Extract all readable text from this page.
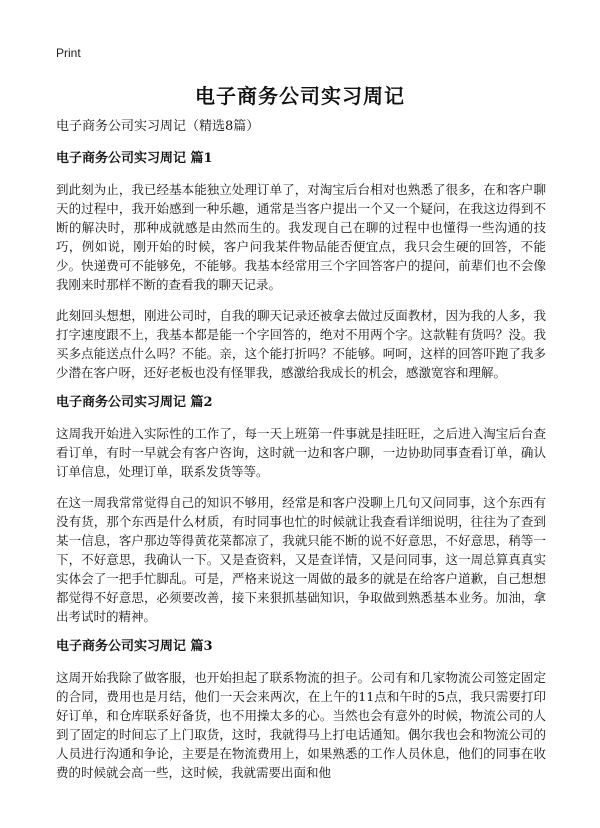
Print
电子商务公司实习周记

电子商务公司实习周记（精选8篇）

电子商务公司实习周记 篇1

到此刻为止，我已经基本能独立处理订单了，对淘宝后台相对也熟悉了很多，在和客户聊天的过程中，我开始感到一种乐趣，通常是当客户提出一个又一个疑问，在我这边得到不断的解决时，那种成就感是由然而生的。我发现自己在聊的过程中也懂得一些沟通的技巧，例如说，刚开始的时候，客户问我某件物品能否便宜点，我只会生硬的回答，不能少。快递费可不能够免，不能够。我基本经常用三个字回答客户的提问，前辈们也不会像我刚来时那样不断的查看我的聊天记录。

此刻回头想想，刚进公司时，自我的聊天记录还被拿去做过反面教材，因为我的人多，我打字速度跟不上，我基本都是能一个字回答的，绝对不用两个字。这款鞋有货吗？没。我买多点能送点什么吗？不能。亲，这个能打折吗？不能够。呵呵，这样的回答吓跑了我多少潜在客户呀，还好老板也没有怪罪我，感激给我成长的机会，感激宽容和理解。

电子商务公司实习周记 篇2

这周我开始进入实际性的工作了，每一天上班第一件事就是挂旺旺，之后进入淘宝后台查看订单，有时一早就会有客户咨询，这时就一边和客户聊，一边协助同事查看订单，确认订单信息，处理订单，联系发货等等。

在这一周我常常觉得自己的知识不够用，经常是和客户没聊上几句又问同事，这个东西有没有货，那个东西是什么材质，有时同事也忙的时候就让我查看详细说明，往往为了查到某一信息，客户那边等得黄花菜都凉了，我就只能不断的说不好意思，不好意思，稍等一下，不好意思，我确认一下。又是查资料，又是查详情，又是问同事，这一周总算真真实实体会了一把手忙脚乱。可是，严格来说这一周做的最多的就是在给客户道歉，自己想想都觉得不好意思，必须要改善，接下来狠抓基础知识，争取做到熟悉基本业务。加油，拿出考试时的精神。

电子商务公司实习周记 篇3

这周开始我除了做客服，也开始担起了联系物流的担子。公司有和几家物流公司签定固定的合同，费用也是月结，他们一天会来两次，在上午的11点和午时的5点，我只需要打印好订单，和仓库联系好备货，也不用操太多的心。当然也会有意外的时候，物流公司的人到了固定的时间忘了上门取货，这时，我就得马上打电话通知。偶尔我也会和物流公司的人员进行沟通和争论，主要是在物流费用上，如果熟悉的工作人员休息，他们的同事在收费的时候就会高一些，这时候，我就需要出面和他
